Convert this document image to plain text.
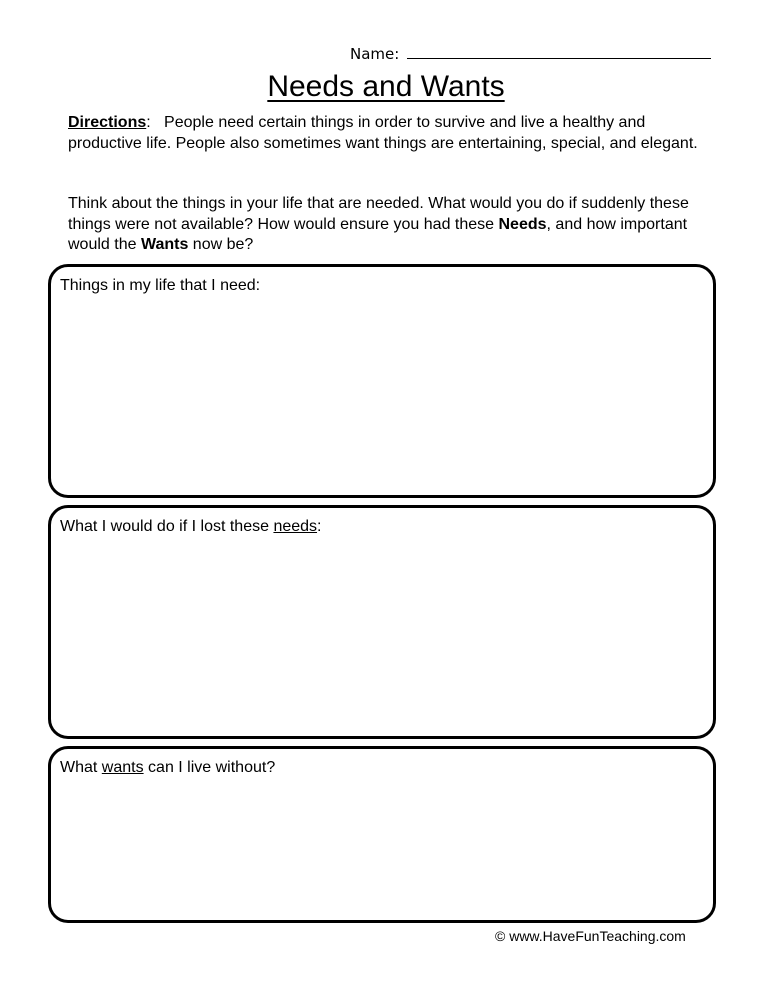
Name:
Needs and Wants
Directions: People need certain things in order to survive and live a healthy and productive life. People also sometimes want things are entertaining, special, and elegant.
Think about the things in your life that are needed. What would you do if suddenly these things were not available? How would ensure you had these Needs, and how important would the Wants now be?
Things in my life that I need:
What I would do if I lost these needs:
What wants can I live without?
© www.HaveFunTeaching.com
